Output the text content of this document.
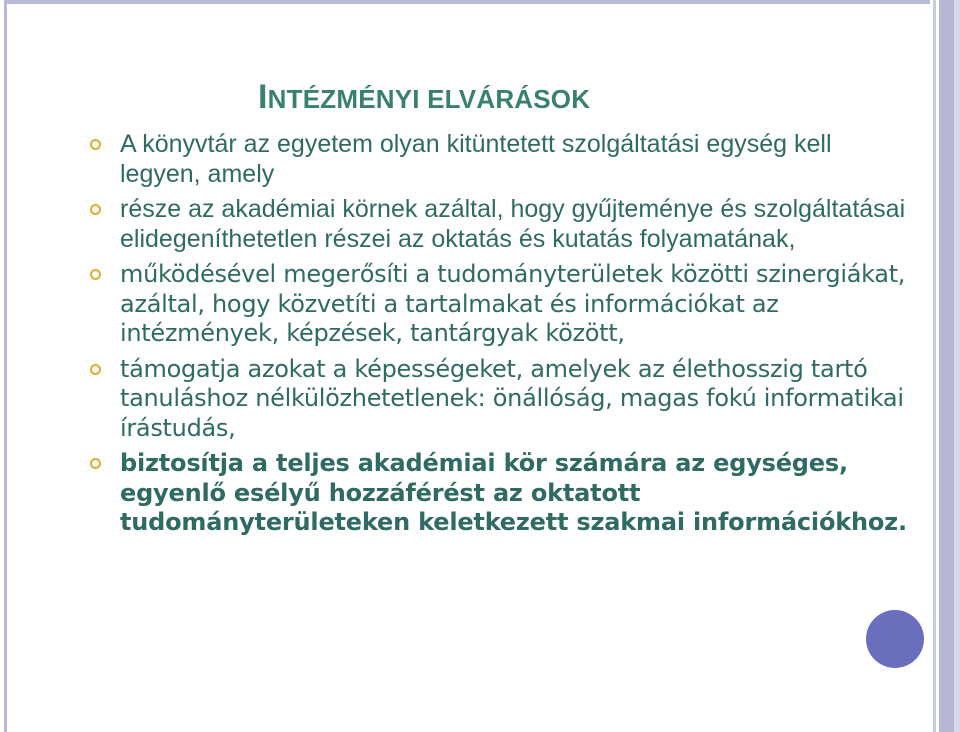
INTÉZMÉNYI ELVÁRÁSOK
A könyvtár az egyetem olyan kitüntetett szolgáltatási egység kell legyen, amely
része az akadémiai körnek azáltal, hogy gyűjteménye és szolgáltatásai elidegeníthetetlen részei az oktatás és kutatás folyamatának,
működésével megerősíti a tudományterületek közötti szinergiákat, azáltal, hogy közvetíti a tartalmakat és információkat az intézmények, képzések, tantárgyak között,
támogatja azokat a képességeket, amelyek az élethosszig tartó tanuláshoz nélkülözhetetlenek: önállóság, magas fokú informatikai írástudás,
biztosítja a teljes akadémiai kör számára az egységes, egyenlő esélyű hozzáférést az oktatott tudományterületeken keletkezett szakmai információkhoz.
